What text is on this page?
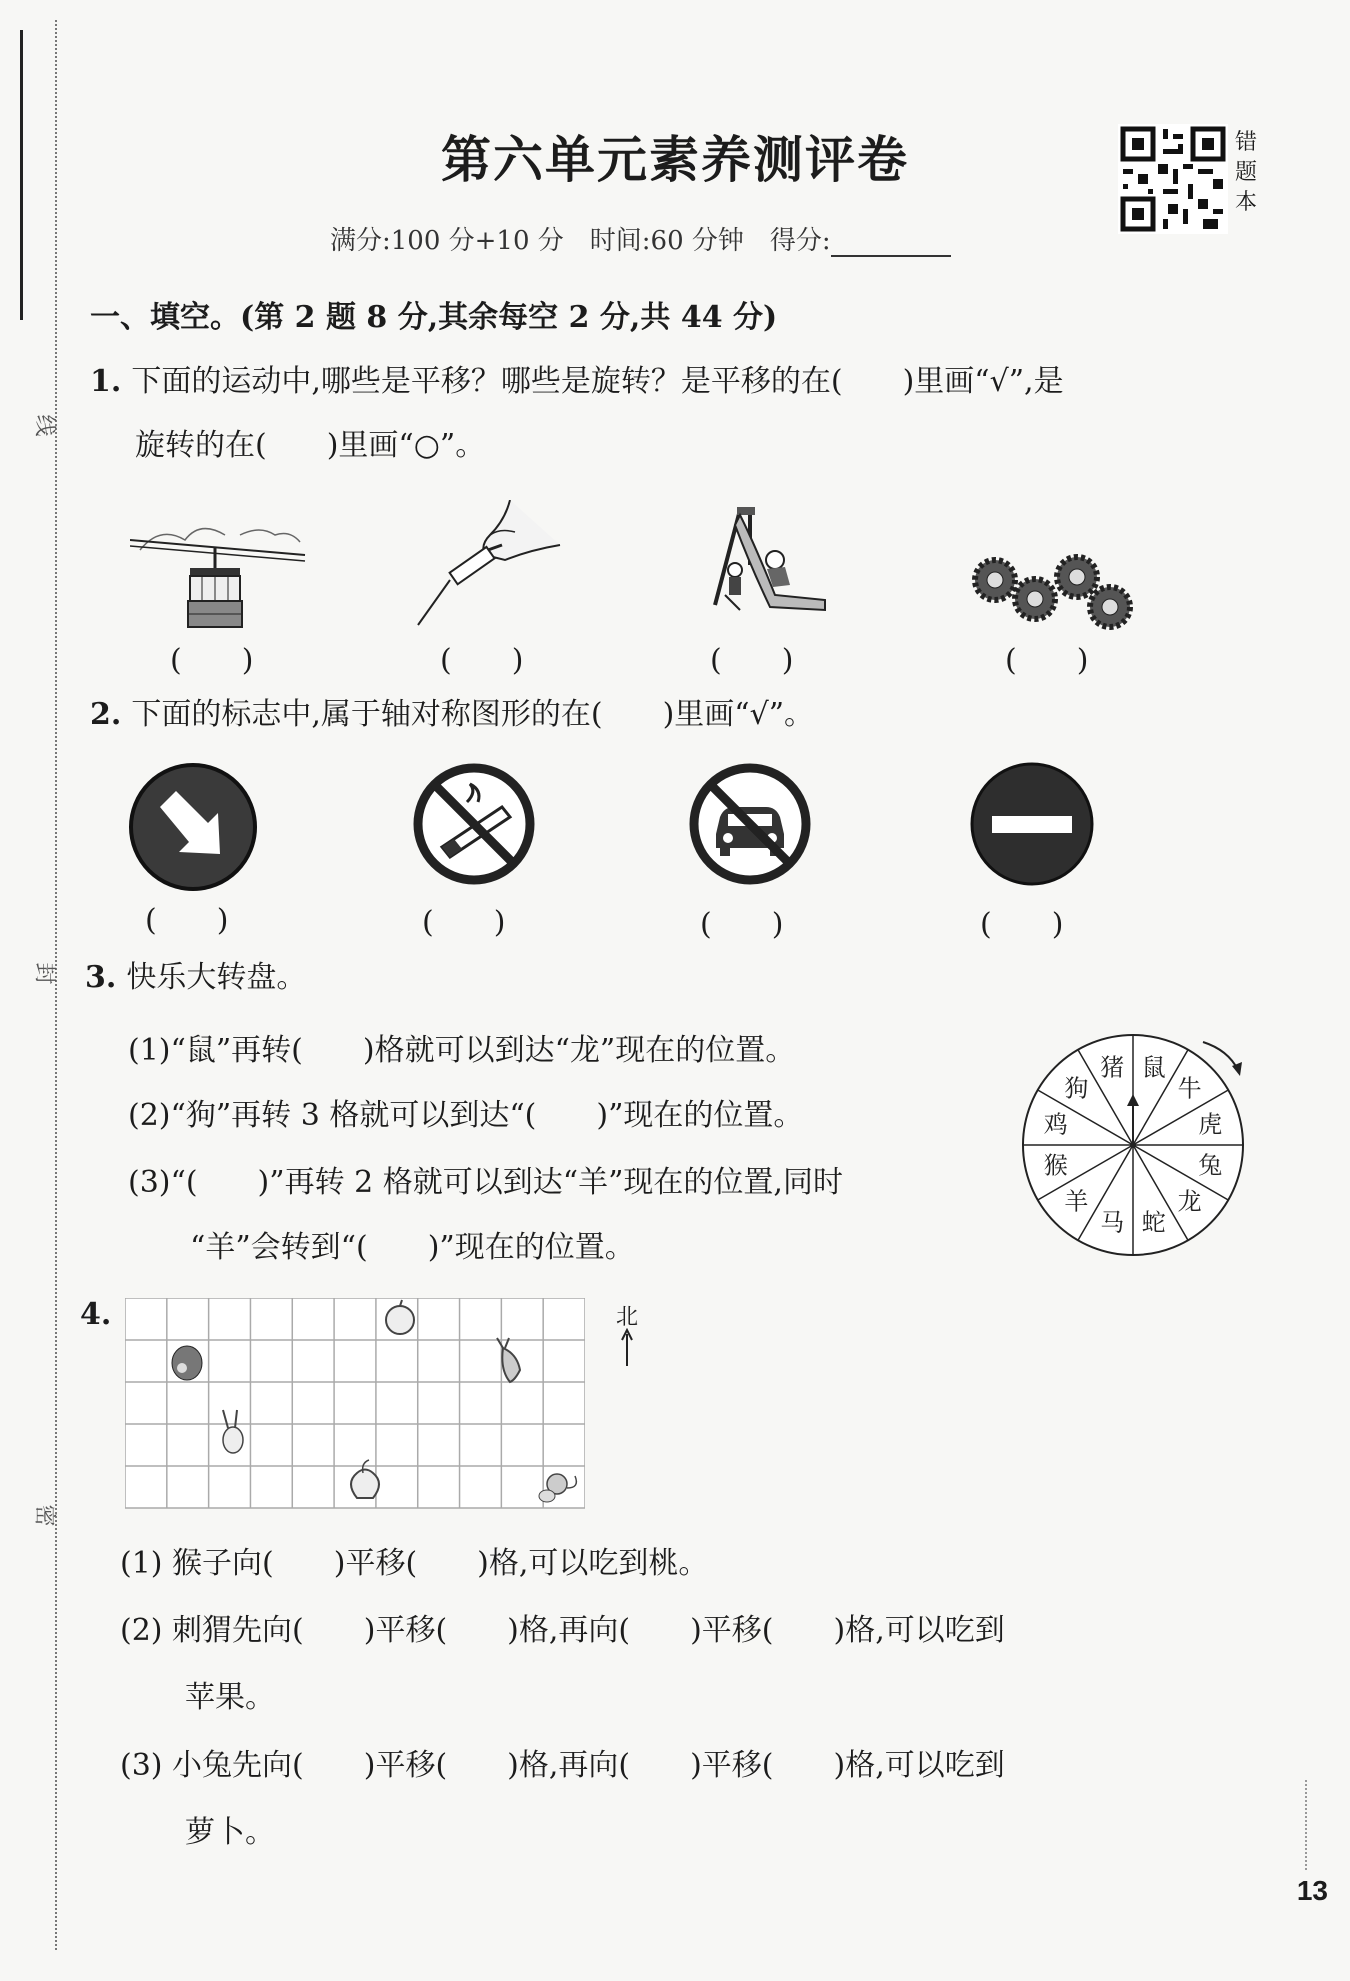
线
封
密
第六单元素养测评卷
满分:100 分+10 分　时间:60 分钟　得分:
错题本
一、填空。(第 2 题 8 分,其余每空 2 分,共 44 分)
1. 下面的运动中,哪些是平移？哪些是旋转？是平移的在(　　)里画“√”,是
旋转的在(　　)里画“○”。
(　　)	(　　)	(　　)	(　　)
2. 下面的标志中,属于轴对称图形的在(　　)里画“√”。
(　　)	(　　)	(　　)	(　　)
3. 快乐大转盘。
(1)“鼠”再转(　　)格就可以到达“龙”现在的位置。
(2)“狗”再转 3 格就可以到达“(　　)”现在的位置。
(3)“(　　)”再转 2 格就可以到达“羊”现在的位置,同时
“羊”会转到“(　　)”现在的位置。
鼠
牛
虎
兔
龙
蛇
马
羊
猴
鸡
狗
猪
4.	北
(1) 猴子向(　　)平移(　　)格,可以吃到桃。
(2) 刺猬先向(　　)平移(　　)格,再向(　　)平移(　　)格,可以吃到
苹果。
(3) 小兔先向(　　)平移(　　)格,再向(　　)平移(　　)格,可以吃到
萝卜。
13
